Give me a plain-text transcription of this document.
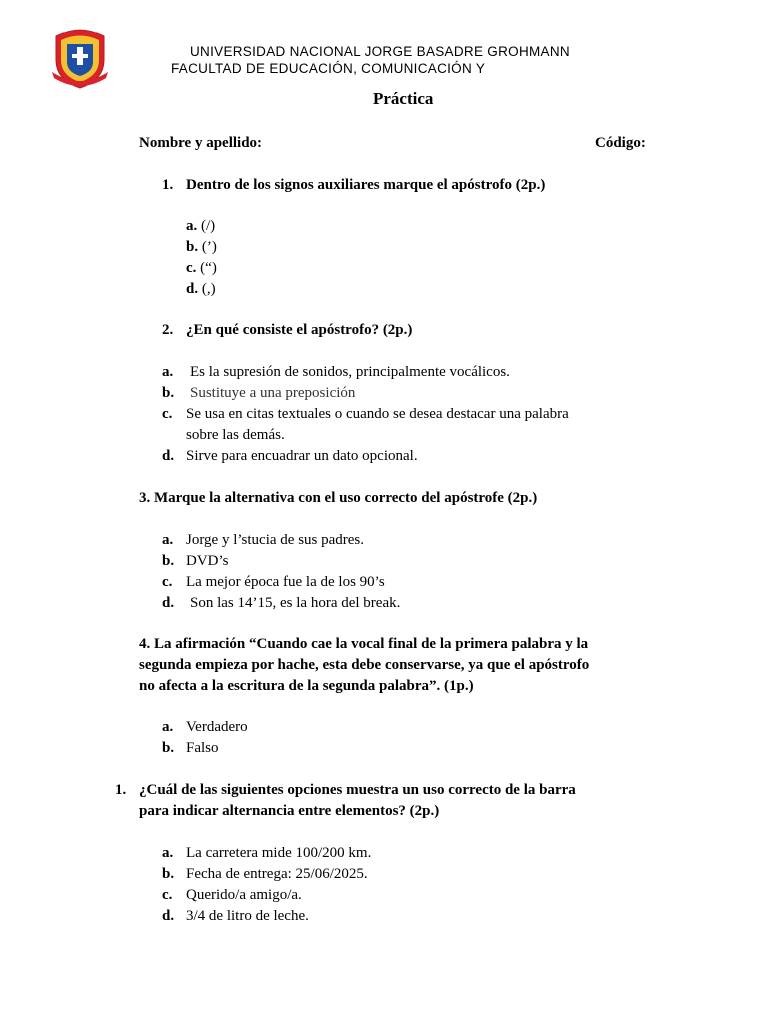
UNIVERSIDAD NACIONAL JORGE BASADRE GROHMANN
FACULTAD DE EDUCACIÓN, COMUNICACIÓN Y
Práctica
Nombre y apellido:	Código:
1. Dentro de los signos auxiliares marque el apóstrofo (2p.)
a. (/)
b. (’)
c. (“)
d. (,)
2. ¿En qué consiste el apóstrofo? (2p.)
a. Es la supresión de sonidos, principalmente vocálicos.
b. Sustituye a una preposición
c. Se usa en citas textuales o cuando se desea destacar una palabra
sobre las demás.
d. Sirve para encuadrar un dato opcional.
3. Marque la alternativa con el uso correcto del apóstrofe (2p.)
a. Jorge y l’stucia de sus padres.
b. DVD’s
c. La mejor época fue la de los 90’s
d. Son las 14’15, es la hora del break.
4. La afirmación “Cuando cae la vocal final de la primera palabra y la
segunda empieza por hache, esta debe conservarse, ya que el apóstrofo
no afecta a la escritura de la segunda palabra”. (1p.)
a. Verdadero
b. Falso
1. ¿Cuál de las siguientes opciones muestra un uso correcto de la barra
para indicar alternancia entre elementos? (2p.)
a. La carretera mide 100/200 km.
b. Fecha de entrega: 25/06/2025.
c. Querido/a amigo/a.
d. 3/4 de litro de leche.
